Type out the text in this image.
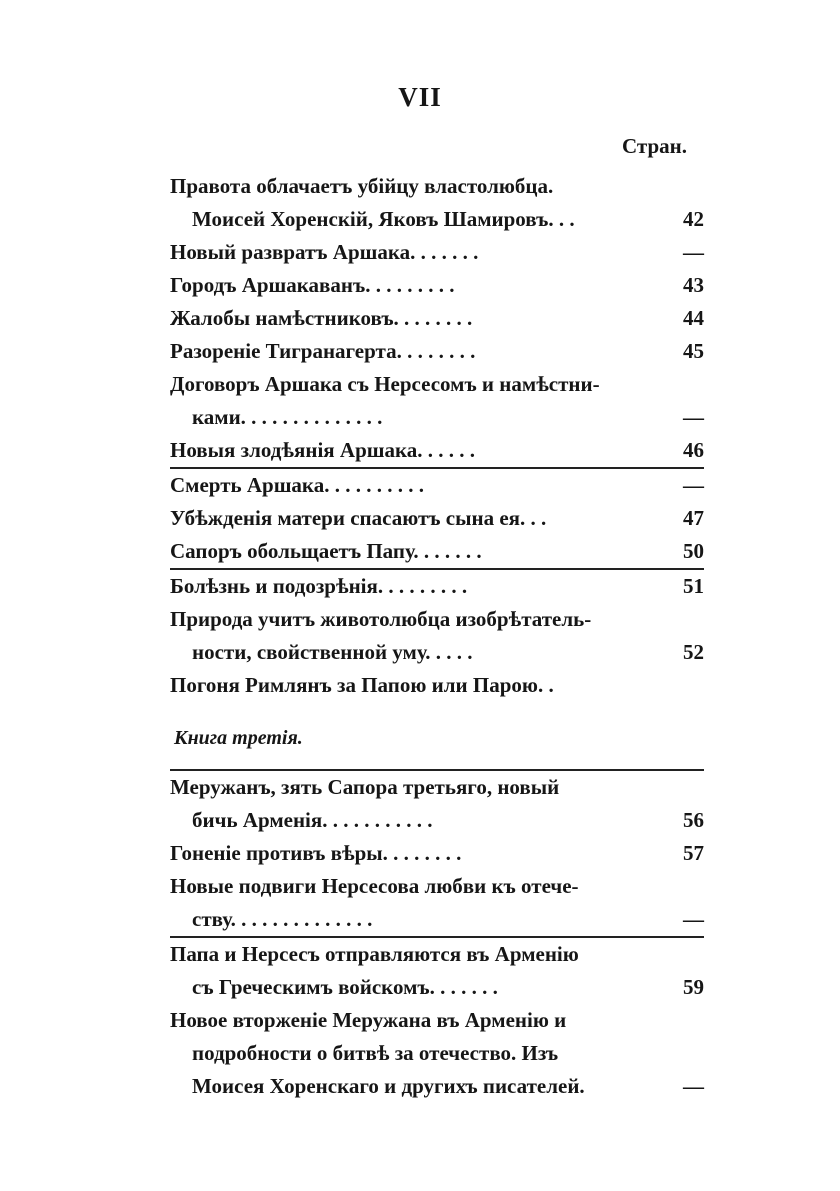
VII
Стран.
Правота облачаетъ убійцу властолюбца.
Моисей Хоренскій, Яковъ Шамировъ. . .	42
Новый развратъ Аршака. . . . . . .	—
Городъ Аршакаванъ. . . . . . . . .	43
Жалобы намѣстниковъ. . . . . . . .	44
Разореніе Тигранагерта. . . . . . . .	45
Договоръ Аршака съ Нерсесомъ и намѣстни-
ками. . . . . . . . . . . . . .	—
Новыя злодѣянія Аршака. . . . . .	46
Смерть Аршака. . . . . . . . . .	—
Убѣжденія матери спасаютъ сына ея. . .	47
Сапоръ обольщаетъ Папу. . . . . . .	50
Болѣзнь и подозрѣнія. . . . . . . . .	51
Природа учитъ животолюбца изобрѣтатель-
ности, свойственной уму. . . . .	52
Погоня Римлянъ за Папою или Парою. .
Книга третія.
Меружанъ, зять Сапора третьяго, новый
бичь Арменія. . . . . . . . . . .	56
Гоненіе противъ вѣры. . . . . . . .	57
Новые подвиги Нерсесова любви къ отече-
ству. . . . . . . . . . . . . .	—
Папа и Нерсесъ отправляются въ Арменію
съ Греческимъ войскомъ. . . . . . .	59
Новое вторженіе Меружана въ Арменію и
подробности о битвѣ за отечество. Изъ
Моисея Хоренскаго и другихъ писателей.	—
